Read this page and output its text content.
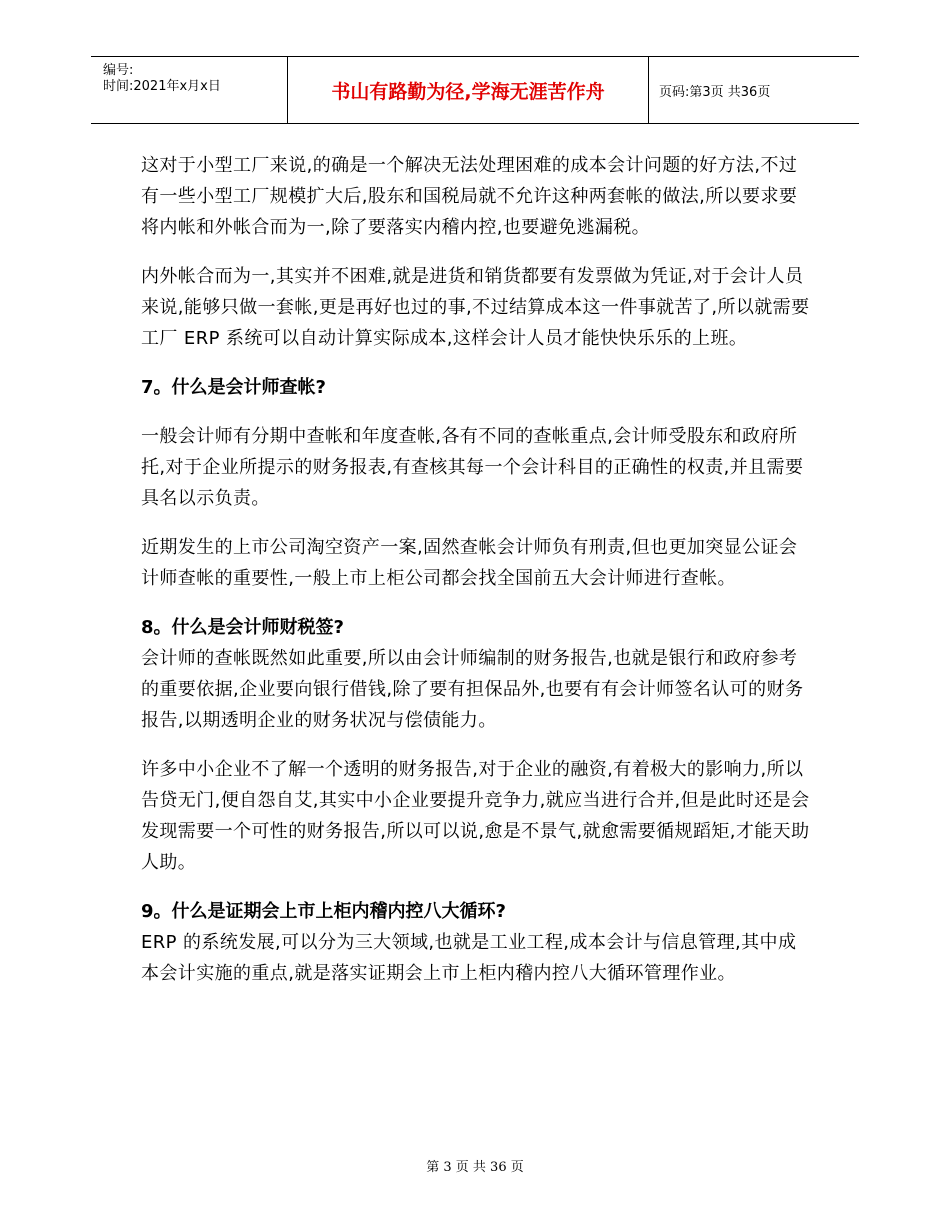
编号:
时间:2021年x月x日	书山有路勤为径,学海无涯苦作舟	页码:第3页 共36页

这对于小型工厂来说,的确是一个解决无法处理困难的成本会计问题的好方法,不过有一些小型工厂规模扩大后,股东和国税局就不允许这种两套帐的做法,所以要求要将内帐和外帐合而为一,除了要落实内稽内控,也要避免逃漏税。

内外帐合而为一,其实并不困难,就是进货和销货都要有发票做为凭证,对于会计人员来说,能够只做一套帐,更是再好也过的事,不过结算成本这一件事就苦了,所以就需要工厂 ERP 系统可以自动计算实际成本,这样会计人员才能快快乐乐的上班。

7。什么是会计师查帐?

一般会计师有分期中查帐和年度查帐,各有不同的查帐重点,会计师受股东和政府所托,对于企业所提示的财务报表,有查核其每一个会计科目的正确性的权责,并且需要具名以示负责。

近期发生的上市公司淘空资产一案,固然查帐会计师负有刑责,但也更加突显公证会计师查帐的重要性,一般上市上柜公司都会找全国前五大会计师进行查帐。

8。什么是会计师财税签?

会计师的查帐既然如此重要,所以由会计师编制的财务报告,也就是银行和政府参考的重要依据,企业要向银行借钱,除了要有担保品外,也要有有会计师签名认可的财务报告,以期透明企业的财务状况与偿债能力。

许多中小企业不了解一个透明的财务报告,对于企业的融资,有着极大的影响力,所以告贷无门,便自怨自艾,其实中小企业要提升竞争力,就应当进行合并,但是此时还是会发现需要一个可性的财务报告,所以可以说,愈是不景气,就愈需要循规蹈矩,才能天助人助。

9。什么是证期会上市上柜内稽内控八大循环?

ERP 的系统发展,可以分为三大领域,也就是工业工程,成本会计与信息管理,其中成本会计实施的重点,就是落实证期会上市上柜内稽内控八大循环管理作业。

第 3 页 共 36 页
